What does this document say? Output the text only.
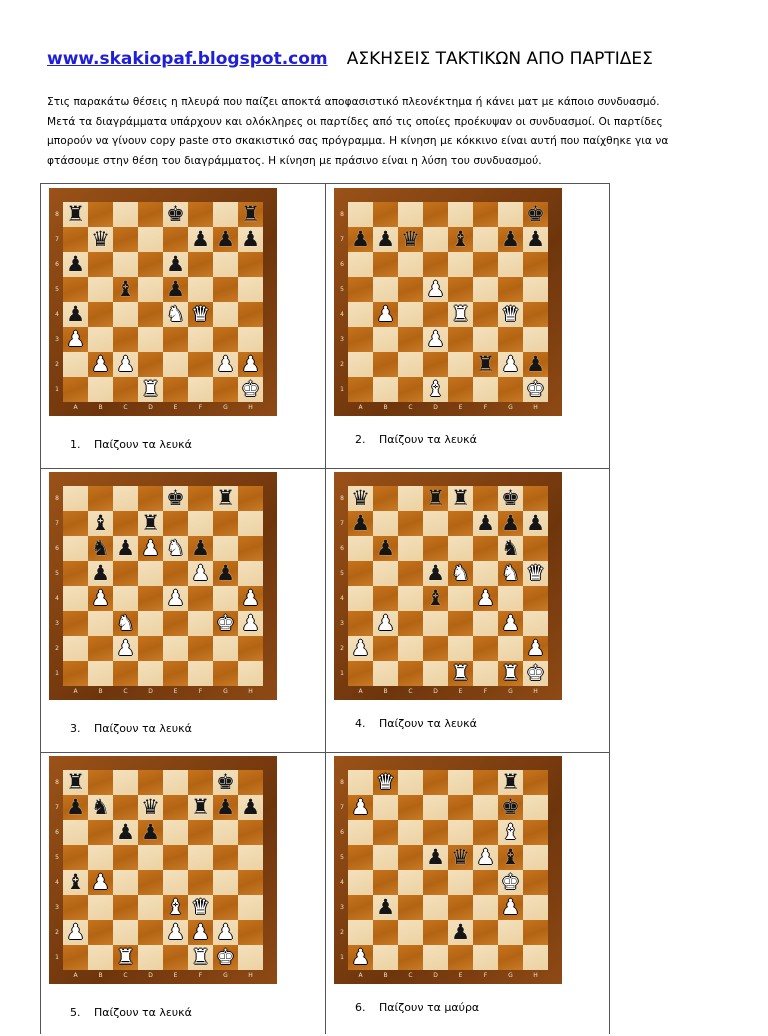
www.skakiopaf.blogspot.com ΑΣΚΗΣΕΙΣ ΤΑΚΤΙΚΩΝ ΑΠΟ ΠΑΡΤΙΔΕΣ

Στις παρακάτω θέσεις η πλευρά που παίζει αποκτά αποφασιστικό πλεονέκτημα ή κάνει ματ με κάποιο συνδυασμό.

Μετά τα διαγράμματα υπάρχουν και ολόκληρες οι παρτίδες από τις οποίες προέκυψαν οι συνδυασμοί. Οι παρτίδες

μπορούν να γίνουν copy paste στο σκακιστικό σας πρόγραμμα. Η κίνηση με κόκκινο είναι αυτή που παίχθηκε για να

φτάσουμε στην θέση του διαγράμματος. Η κίνηση με πράσινο είναι η λύση του συνδυασμού.

♜	♚	♜
♛	♟ ♟ ♟
♟	♟
♝ ♟
♟	♞ ♛
♟
♟ ♟	♟ ♟
♜	♚
8
7
6
5
4
3
2
1
A	B	C	D	E	F	G	H
1. Παίζουν τα λευκά
♚
♟ ♟ ♛ ♝ ♟ ♟
♟
♟	♜ ♛
♟
♜ ♟ ♟
♝	♚
8
7
6
5
4
3
2
1
A	B	C	D	E	F	G	H
2. Παίζουν τα λευκά
♚ ♜
♝ ♜
♞ ♟ ♟ ♞ ♟
♟	♟ ♟
♟	♟	♟
♞	♚ ♟
♟
8
7
6
5
4
3
2
1
A	B	C	D	E	F	G	H
3. Παίζουν τα λευκά
♛	♜ ♜ ♚
♟	♟ ♟ ♟
♟	♞
♟ ♞ ♞ ♛
♝ ♟
♟	♟
♟	♟
♜ ♜ ♚
8
7
6
5
4
3
2
1
A	B	C	D	E	F	G	H
4. Παίζουν τα λευκά
♜	♚
♟ ♞ ♛ ♜ ♟ ♟
♟ ♟
♝ ♟
♝ ♛
♟	♟ ♟ ♟
♜	♜ ♚
8
7
6
5
4
3
2
1
A	B	C	D	E	F	G	H
5. Παίζουν τα λευκά
♛	♜
♟	♚
♝
♟ ♛ ♟ ♝
♚
♟	♟
♟
♟
8
7
6
5
4
3
2
1
A	B	C	D	E	F	G	H
6. Παίζουν τα μαύρα
